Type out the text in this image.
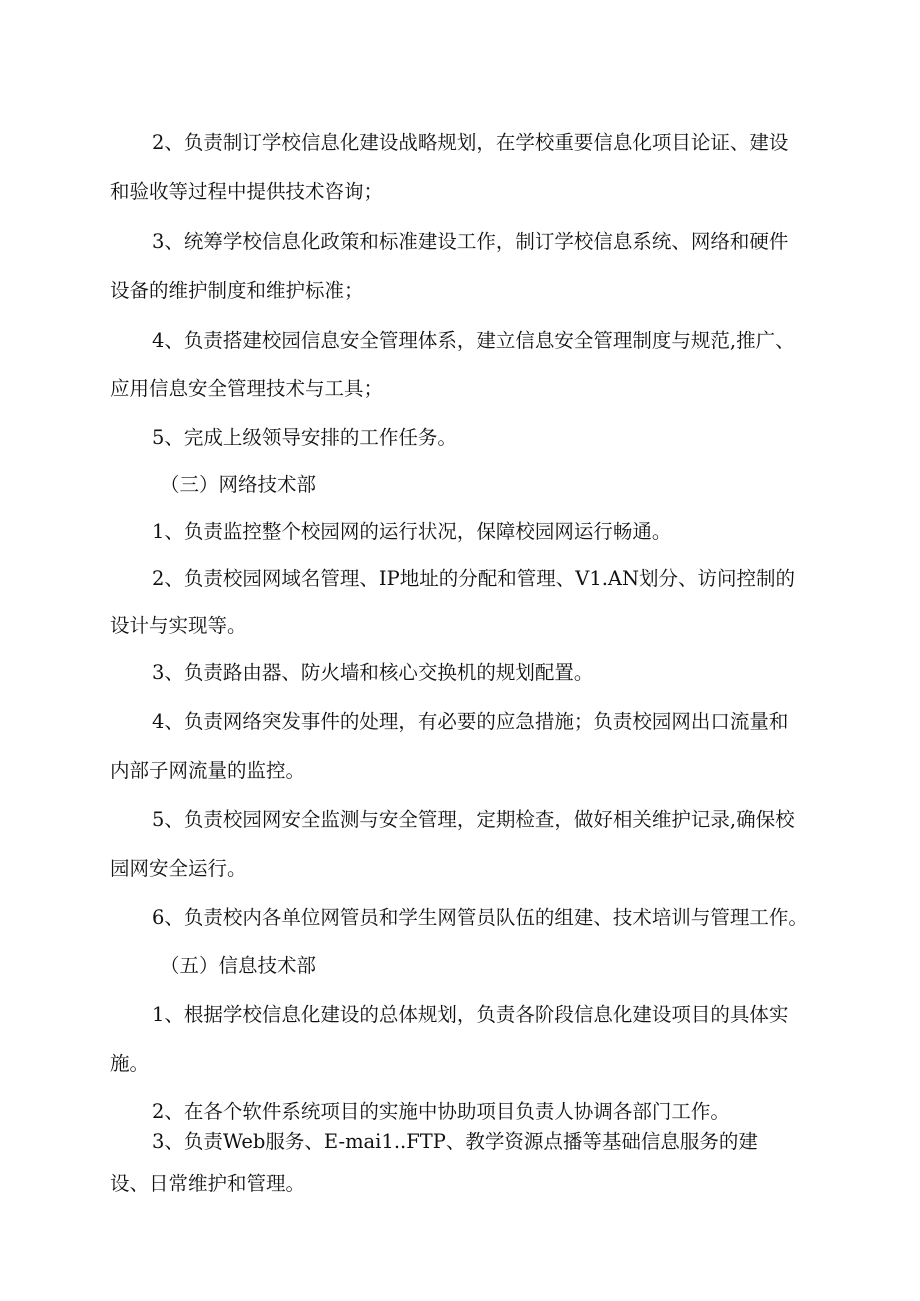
2、负责制订学校信息化建设战略规划，在学校重要信息化项目论证、建设
和验收等过程中提供技术咨询；
3、统筹学校信息化政策和标准建设工作，制订学校信息系统、网络和硬件
设备的维护制度和维护标准；
4、负责搭建校园信息安全管理体系，建立信息安全管理制度与规范,推广、
应用信息安全管理技术与工具；
5、完成上级领导安排的工作任务。
（三）网络技术部
1、负责监控整个校园网的运行状况，保障校园网运行畅通。
2、负责校园网域名管理、IP地址的分配和管理、V1.AN划分、访问控制的
设计与实现等。
3、负责路由器、防火墙和核心交换机的规划配置。
4、负责网络突发事件的处理，有必要的应急措施；负责校园网出口流量和
内部子网流量的监控。
5、负责校园网安全监测与安全管理，定期检查，做好相关维护记录,确保校
园网安全运行。
6、负责校内各单位网管员和学生网管员队伍的组建、技术培训与管理工作。
（五）信息技术部
1、根据学校信息化建设的总体规划，负责各阶段信息化建设项目的具体实
施。
2、在各个软件系统项目的实施中协助项目负责人协调各部门工作。
3、负责Web服务、E-mai1..FTP、教学资源点播等基础信息服务的建
设、日常维护和管理。
